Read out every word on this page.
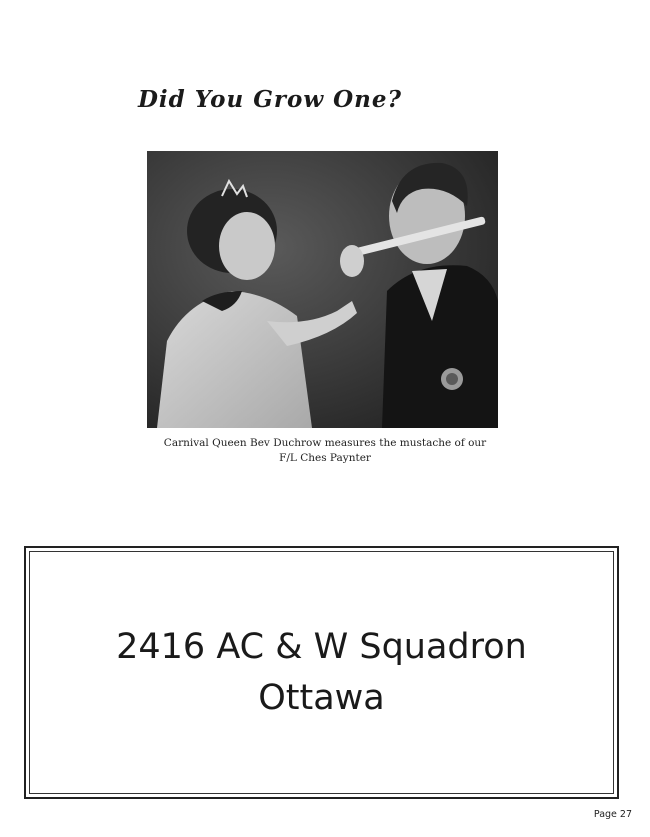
Did You Grow One?
Carnival Queen Bev Duchrow measures the mustache of our
F/L Ches Paynter
2416 AC & W Squadron
Ottawa
Page 27
